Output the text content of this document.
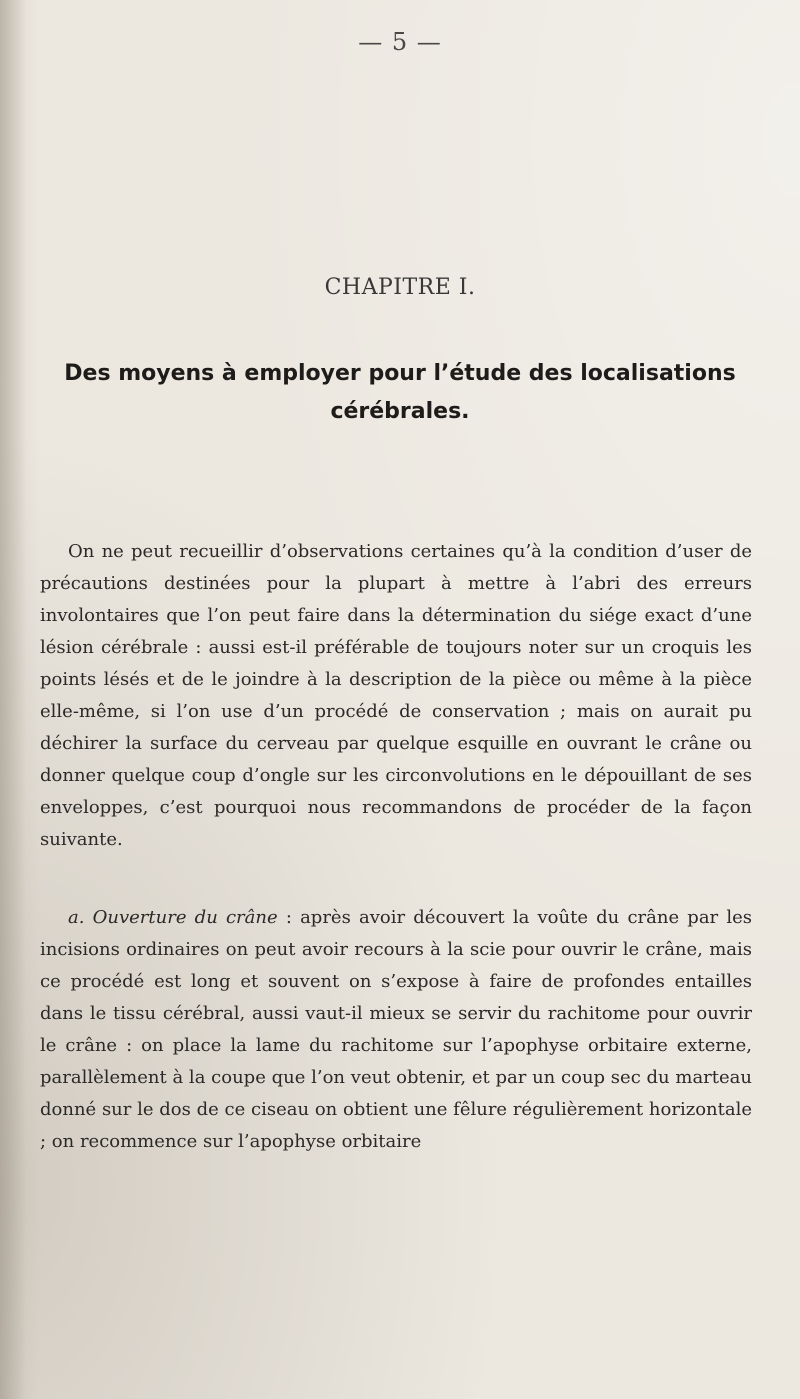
— 5 —
CHAPITRE I.
Des moyens à employer pour l’étude des localisations cérébrales.

On ne peut recueillir d’observations certaines qu’à la condition d’user de précautions destinées pour la plupart à mettre à l’abri des erreurs involontaires que l’on peut faire dans la détermination du siége exact d’une lésion cérébrale : aussi est-il préférable de toujours noter sur un croquis les points lésés et de le joindre à la description de la pièce ou même à la pièce elle-même, si l’on use d’un procédé de conservation ; mais on aurait pu déchirer la surface du cerveau par quelque esquille en ouvrant le crâne ou donner quelque coup d’ongle sur les circonvolutions en le dépouillant de ses enveloppes, c’est pourquoi nous recommandons de procéder de la façon suivante.

a. Ouverture du crâne : après avoir découvert la voûte du crâne par les incisions ordinaires on peut avoir recours à la scie pour ouvrir le crâne, mais ce procédé est long et souvent on s’expose à faire de profondes entailles dans le tissu cérébral, aussi vaut-il mieux se servir du rachitome pour ouvrir le crâne : on place la lame du rachitome sur l’apophyse orbitaire externe, parallèlement à la coupe que l’on veut obtenir, et par un coup sec du marteau donné sur le dos de ce ciseau on obtient une fêlure régulièrement horizontale ; on recommence sur l’apophyse orbitaire
